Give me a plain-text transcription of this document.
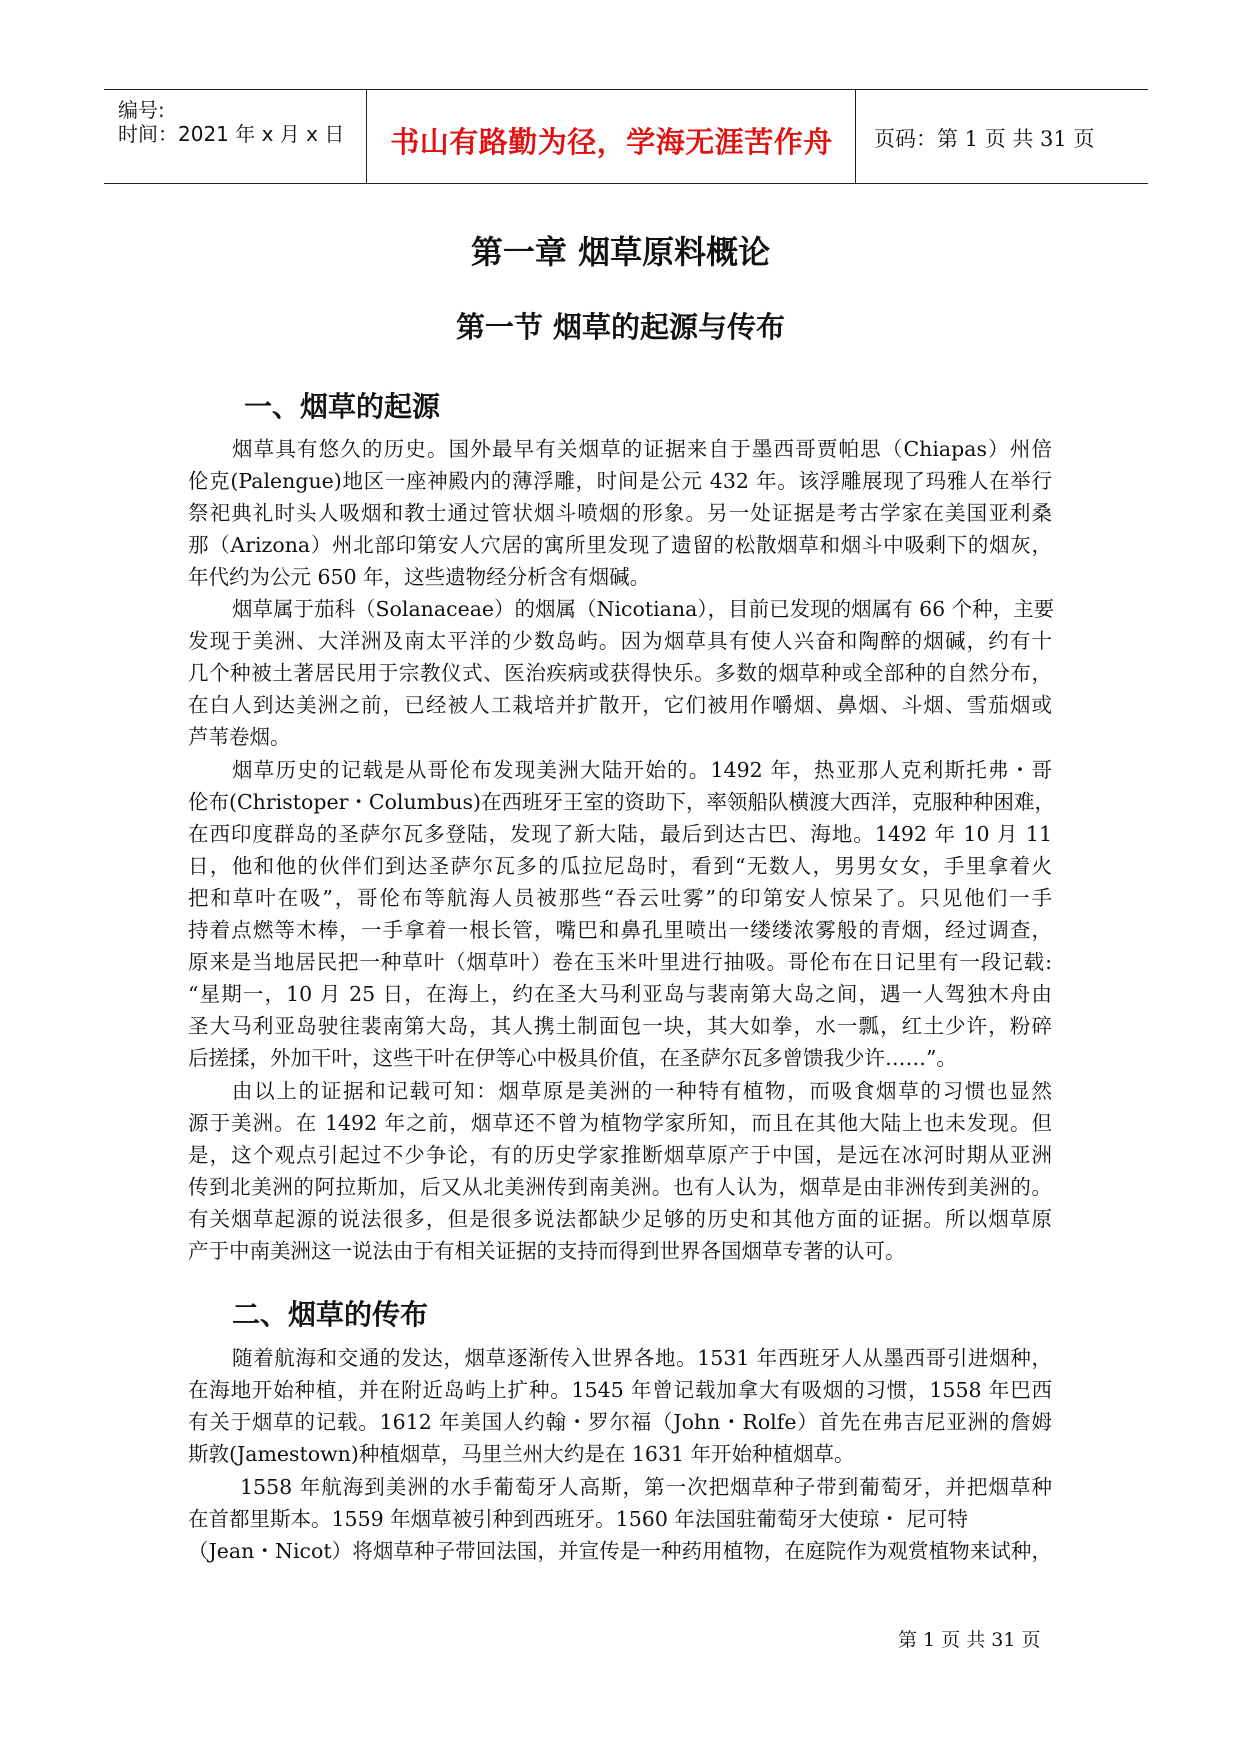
编号:
时间：2021 年 x 月 x 日	书山有路勤为径，学海无涯苦作舟	页码：第 1 页 共 31 页
第一章 烟草原料概论
第一节 烟草的起源与传布
一、烟草的起源
烟草具有悠久的历史。国外最早有关烟草的证据来自于墨西哥贾帕思（Chiapas）州倍
伦克(Palengue)地区一座神殿内的薄浮雕，时间是公元 432 年。该浮雕展现了玛雅人在举行
祭祀典礼时头人吸烟和教士通过管状烟斗喷烟的形象。另一处证据是考古学家在美国亚利桑
那（Arizona）州北部印第安人穴居的寓所里发现了遗留的松散烟草和烟斗中吸剩下的烟灰，
年代约为公元 650 年，这些遗物经分析含有烟碱。
烟草属于茄科（Solanaceae）的烟属（Nicotiana），目前已发现的烟属有 66 个种，主要
发现于美洲、大洋洲及南太平洋的少数岛屿。因为烟草具有使人兴奋和陶醉的烟碱，约有十
几个种被土著居民用于宗教仪式、医治疾病或获得快乐。多数的烟草种或全部种的自然分布，
在白人到达美洲之前，已经被人工栽培并扩散开，它们被用作嚼烟、鼻烟、斗烟、雪茄烟或
芦苇卷烟。
烟草历史的记载是从哥伦布发现美洲大陆开始的。1492 年，热亚那人克利斯托弗・哥
伦布(Christoper・Columbus)在西班牙王室的资助下，率领船队横渡大西洋，克服种种困难，
在西印度群岛的圣萨尔瓦多登陆，发现了新大陆，最后到达古巴、海地。1492 年 10 月 11
日，他和他的伙伴们到达圣萨尔瓦多的瓜拉尼岛时，看到“无数人，男男女女，手里拿着火
把和草叶在吸”，哥伦布等航海人员被那些“吞云吐雾”的印第安人惊呆了。只见他们一手
持着点燃等木棒，一手拿着一根长管，嘴巴和鼻孔里喷出一缕缕浓雾般的青烟，经过调查，
原来是当地居民把一种草叶（烟草叶）卷在玉米叶里进行抽吸。哥伦布在日记里有一段记载:
“星期一，10 月 25 日，在海上，约在圣大马利亚岛与裴南第大岛之间，遇一人驾独木舟由
圣大马利亚岛驶往裴南第大岛，其人携土制面包一块，其大如拳，水一瓢，红土少许，粉碎
后搓揉，外加干叶，这些干叶在伊等心中极具价值，在圣萨尔瓦多曾馈我少许……”。
由以上的证据和记载可知：烟草原是美洲的一种特有植物，而吸食烟草的习惯也显然
源于美洲。在 1492 年之前，烟草还不曾为植物学家所知，而且在其他大陆上也未发现。但
是，这个观点引起过不少争论，有的历史学家推断烟草原产于中国，是远在冰河时期从亚洲
传到北美洲的阿拉斯加，后又从北美洲传到南美洲。也有人认为，烟草是由非洲传到美洲的。
有关烟草起源的说法很多，但是很多说法都缺少足够的历史和其他方面的证据。所以烟草原
产于中南美洲这一说法由于有相关证据的支持而得到世界各国烟草专著的认可。
二、烟草的传布
随着航海和交通的发达，烟草逐渐传入世界各地。1531 年西班牙人从墨西哥引进烟种，
在海地开始种植，并在附近岛屿上扩种。1545 年曾记载加拿大有吸烟的习惯，1558 年巴西
有关于烟草的记载。1612 年美国人约翰・罗尔福（John・Rolfe）首先在弗吉尼亚洲的詹姆
斯敦(Jamestown)种植烟草，马里兰州大约是在 1631 年开始种植烟草。
1558 年航海到美洲的水手葡萄牙人高斯，第一次把烟草种子带到葡萄牙，并把烟草种
在首都里斯本。1559 年烟草被引种到西班牙。1560 年法国驻葡萄牙大使琼・ 尼可特
（Jean・Nicot）将烟草种子带回法国，并宣传是一种药用植物，在庭院作为观赏植物来试种，
第 1 页 共 31 页
